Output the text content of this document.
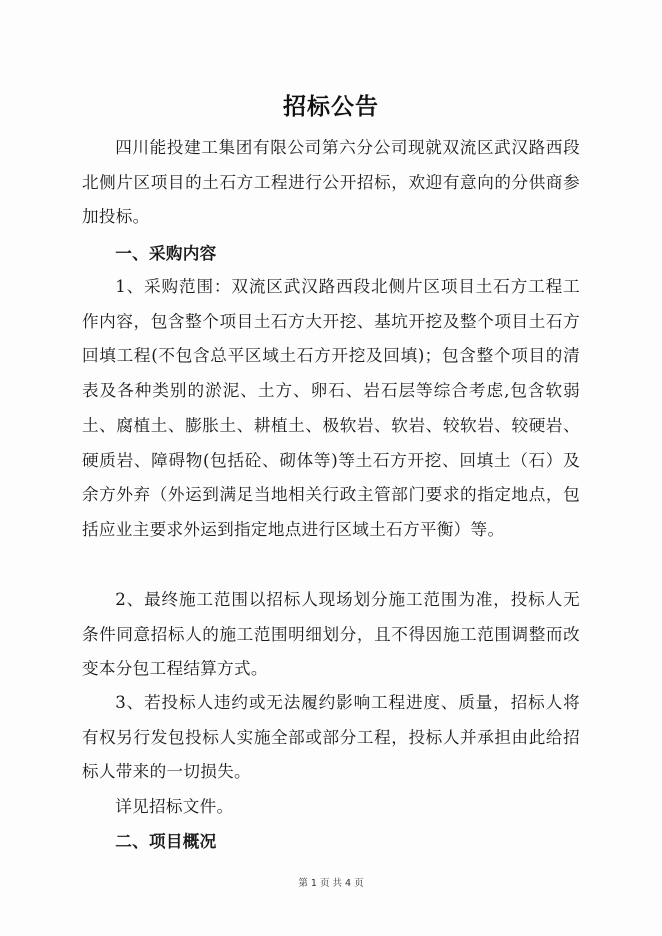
招标公告
四川能投建工集团有限公司第六分公司现就双流区武汉路西段北侧片区项目的土石方工程进行公开招标，欢迎有意向的分供商参加投标。
一、采购内容
1、采购范围：双流区武汉路西段北侧片区项目土石方工程工作内容，包含整个项目土石方大开挖、基坑开挖及整个项目土石方回填工程(不包含总平区域土石方开挖及回填)；包含整个项目的清表及各种类别的淤泥、土方、卵石、岩石层等综合考虑,包含软弱土、腐植土、膨胀土、耕植土、极软岩、软岩、较软岩、较硬岩、硬质岩、障碍物(包括砼、砌体等)等土石方开挖、回填土（石）及余方外弃（外运到满足当地相关行政主管部门要求的指定地点，包括应业主要求外运到指定地点进行区域土石方平衡）等。
2、最终施工范围以招标人现场划分施工范围为准，投标人无条件同意招标人的施工范围明细划分，且不得因施工范围调整而改变本分包工程结算方式。
3、若投标人违约或无法履约影响工程进度、质量，招标人将有权另行发包投标人实施全部或部分工程，投标人并承担由此给招标人带来的一切损失。
详见招标文件。
二、项目概况
第 1 页 共 4 页
